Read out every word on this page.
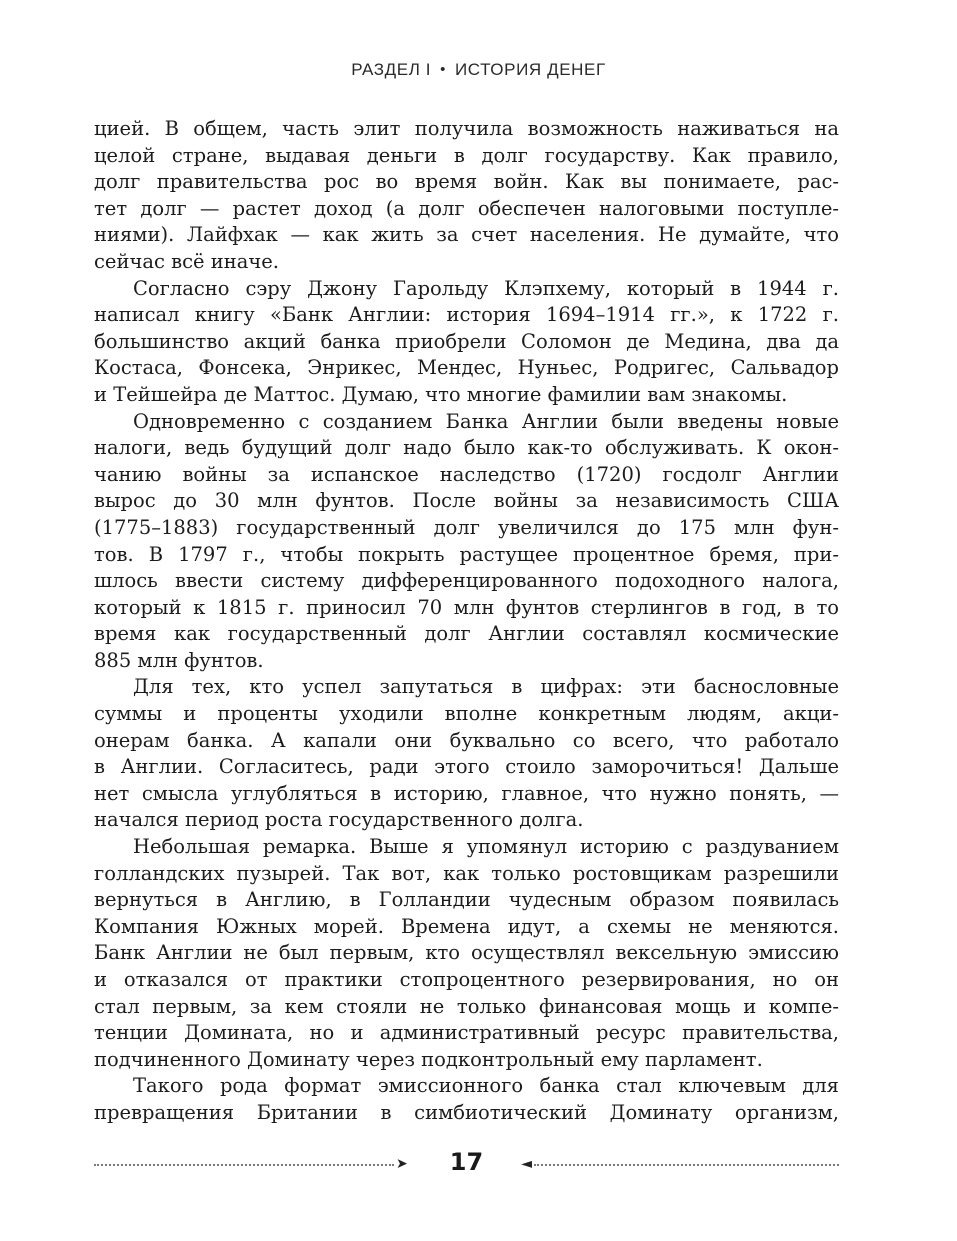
РАЗДЕЛ I • ИСТОРИЯ ДЕНЕГ

цией. В общем, часть элит получила возможность наживаться на
целой стране, выдавая деньги в долг государству. Как правило,
долг правительства рос во время войн. Как вы понимаете, рас-
тет долг — растет доход (а долг обеспечен налоговыми поступле-
ниями). Лайфхак — как жить за счет населения. Не думайте, что
сейчас всё иначе.

Согласно сэру Джону Гарольду Клэпхему, который в 1944 г.
написал книгу «Банк Англии: история 1694–1914 гг.», к 1722 г.
большинство акций банка приобрели Соломон де Медина, два да
Костаса, Фонсека, Энрикес, Мендес, Нуньес, Родригес, Сальвадор
и Тейшейра де Маттос. Думаю, что многие фамилии вам знакомы.

Одновременно с созданием Банка Англии были введены новые
налоги, ведь будущий долг надо было как-то обслуживать. К окон-
чанию войны за испанское наследство (1720) госдолг Англии
вырос до 30 млн фунтов. После войны за независимость США
(1775–1883) государственный долг увеличился до 175 млн фун-
тов. В 1797 г., чтобы покрыть растущее процентное бремя, при-
шлось ввести систему дифференцированного подоходного налога,
который к 1815 г. приносил 70 млн фунтов стерлингов в год, в то
время как государственный долг Англии составлял космические
885 млн фунтов.

Для тех, кто успел запутаться в цифрах: эти баснословные
суммы и проценты уходили вполне конкретным людям, акци-
онерам банка. А капали они буквально со всего, что работало
в Англии. Согласитесь, ради этого стоило заморочиться! Дальше
нет смысла углубляться в историю, главное, что нужно понять, —
начался период роста государственного долга.

Небольшая ремарка. Выше я упомянул историю с раздуванием
голландских пузырей. Так вот, как только ростовщикам разрешили
вернуться в Англию, в Голландии чудесным образом появилась
Компания Южных морей. Времена идут, а схемы не меняются.
Банк Англии не был первым, кто осуществлял вексельную эмиссию
и отказался от практики стопроцентного резервирования, но он
стал первым, за кем стояли не только финансовая мощь и компе-
тенции Домината, но и административный ресурс правительства,
подчиненного Доминату через подконтрольный ему парламент.

Такого рода формат эмиссионного банка стал ключевым для
превращения Британии в симбиотический Доминату организм,

➤	17	◄
